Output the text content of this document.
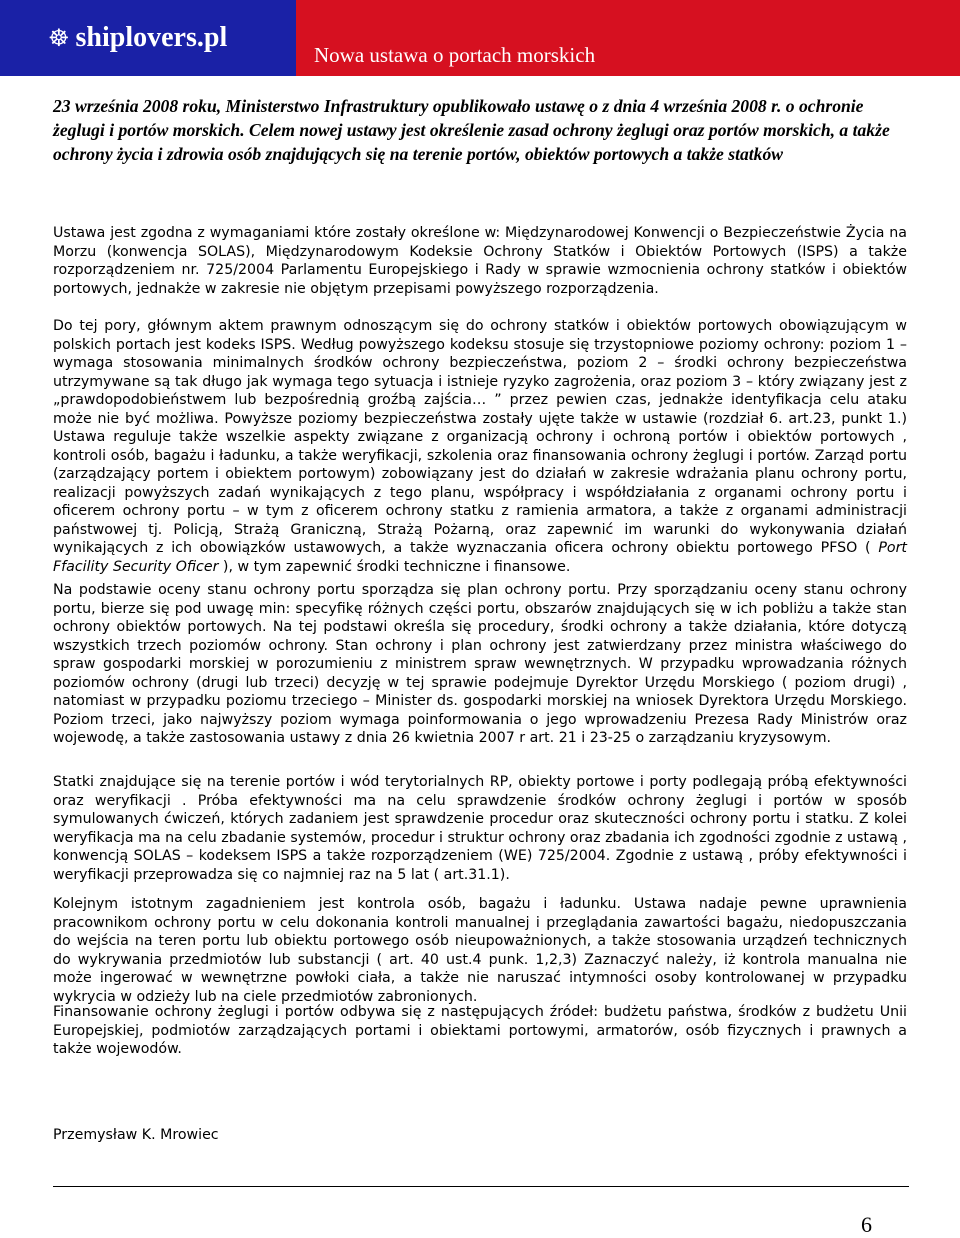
☸ shiplovers.pl
Nowa ustawa o portach morskich

23 września 2008 roku, Ministerstwo Infrastruktury opublikowało ustawę o z dnia 4 września 2008 r. o ochronie żeglugi i portów morskich. Celem nowej ustawy jest określenie zasad ochrony żeglugi oraz portów morskich, a także ochrony życia i zdrowia osób znajdujących się na terenie portów, obiektów portowych a także statków

Ustawa jest zgodna z wymaganiami które zostały określone w: Międzynarodowej Konwencji o Bezpieczeństwie Życia na Morzu (konwencja SOLAS), Międzynarodowym Kodeksie Ochrony Statków i Obiektów Portowych (ISPS) a także rozporządzeniem nr. 725/2004 Parlamentu Europejskiego i Rady w sprawie wzmocnienia ochrony statków i obiektów portowych, jednakże w zakresie nie objętym przepisami powyższego rozporządzenia.

Do tej pory, głównym aktem prawnym odnoszącym się do ochrony statków i obiektów portowych obowiązującym w polskich portach jest kodeks ISPS. Według powyższego kodeksu stosuje się trzystopniowe poziomy ochrony: poziom 1 – wymaga stosowania minimalnych środków ochrony bezpieczeństwa, poziom 2 – środki ochrony bezpieczeństwa utrzymywane są tak długo jak wymaga tego sytuacja i istnieje ryzyko zagrożenia, oraz poziom 3 – który związany jest z „prawdopodobieństwem lub bezpośrednią groźbą zajścia… ” przez pewien czas, jednakże identyfikacja celu ataku może nie być możliwa. Powyższe poziomy bezpieczeństwa zostały ujęte także w ustawie (rozdział 6. art.23, punkt 1.) Ustawa reguluje także wszelkie aspekty związane z organizacją ochrony i ochroną portów i obiektów portowych , kontroli osób, bagażu i ładunku, a także weryfikacji, szkolenia oraz finansowania ochrony żeglugi i portów. Zarząd portu (zarządzający portem i obiektem portowym) zobowiązany jest do działań w zakresie wdrażania planu ochrony portu, realizacji powyższych zadań wynikających z tego planu, współpracy i współdziałania z organami ochrony portu i oficerem ochrony portu – w tym z oficerem ochrony statku z ramienia armatora, a także z organami administracji państwowej tj. Policją, Strażą Graniczną, Strażą Pożarną, oraz zapewnić im warunki do wykonywania działań wynikających z ich obowiązków ustawowych, a także wyznaczania oficera ochrony obiektu portowego PFSO ( Port Ffacility Security Oficer ), w tym zapewnić środki techniczne i finansowe.

Na podstawie oceny stanu ochrony portu sporządza się plan ochrony portu. Przy sporządzaniu oceny stanu ochrony portu, bierze się pod uwagę min: specyfikę różnych części portu, obszarów znajdujących się w ich pobliżu a także stan ochrony obiektów portowych. Na tej podstawi określa się procedury, środki ochrony a także działania, które dotyczą wszystkich trzech poziomów ochrony. Stan ochrony i plan ochrony jest zatwierdzany przez ministra właściwego do spraw gospodarki morskiej w porozumieniu z ministrem spraw wewnętrznych. W przypadku wprowadzania różnych poziomów ochrony (drugi lub trzeci) decyzję w tej sprawie podejmuje Dyrektor Urzędu Morskiego ( poziom drugi) , natomiast w przypadku poziomu trzeciego – Minister ds. gospodarki morskiej na wniosek Dyrektora Urzędu Morskiego. Poziom trzeci, jako najwyższy poziom wymaga poinformowania o jego wprowadzeniu Prezesa Rady Ministrów oraz wojewodę, a także zastosowania ustawy z dnia 26 kwietnia 2007 r art. 21 i 23-25 o zarządzaniu kryzysowym.

Statki znajdujące się na terenie portów i wód terytorialnych RP, obiekty portowe i porty podlegają próbą efektywności oraz weryfikacji . Próba efektywności ma na celu sprawdzenie środków ochrony żeglugi i portów w sposób symulowanych ćwiczeń, których zadaniem jest sprawdzenie procedur oraz skuteczności ochrony portu i statku. Z kolei weryfikacja ma na celu zbadanie systemów, procedur i struktur ochrony oraz zbadania ich zgodności zgodnie z ustawą , konwencją SOLAS – kodeksem ISPS a także rozporządzeniem (WE) 725/2004. Zgodnie z ustawą , próby efektywności i weryfikacji przeprowadza się co najmniej raz na 5 lat ( art.31.1).

Kolejnym istotnym zagadnieniem jest kontrola osób, bagażu i ładunku. Ustawa nadaje pewne uprawnienia pracownikom ochrony portu w celu dokonania kontroli manualnej i przeglądania zawartości bagażu, niedopuszczania do wejścia na teren portu lub obiektu portowego osób nieupoważnionych, a także stosowania urządzeń technicznych do wykrywania przedmiotów lub substancji ( art. 40 ust.4 punk. 1,2,3) Zaznaczyć należy, iż kontrola manualna nie może ingerować w wewnętrzne powłoki ciała, a także nie naruszać intymności osoby kontrolowanej w przypadku wykrycia w odzieży lub na ciele przedmiotów zabronionych.

Finansowanie ochrony żeglugi i portów odbywa się z następujących źródeł: budżetu państwa, środków z budżetu Unii Europejskiej, podmiotów zarządzających portami i obiektami portowymi, armatorów, osób fizycznych i prawnych a także wojewodów.

Przemysław K. Mrowiec
6
